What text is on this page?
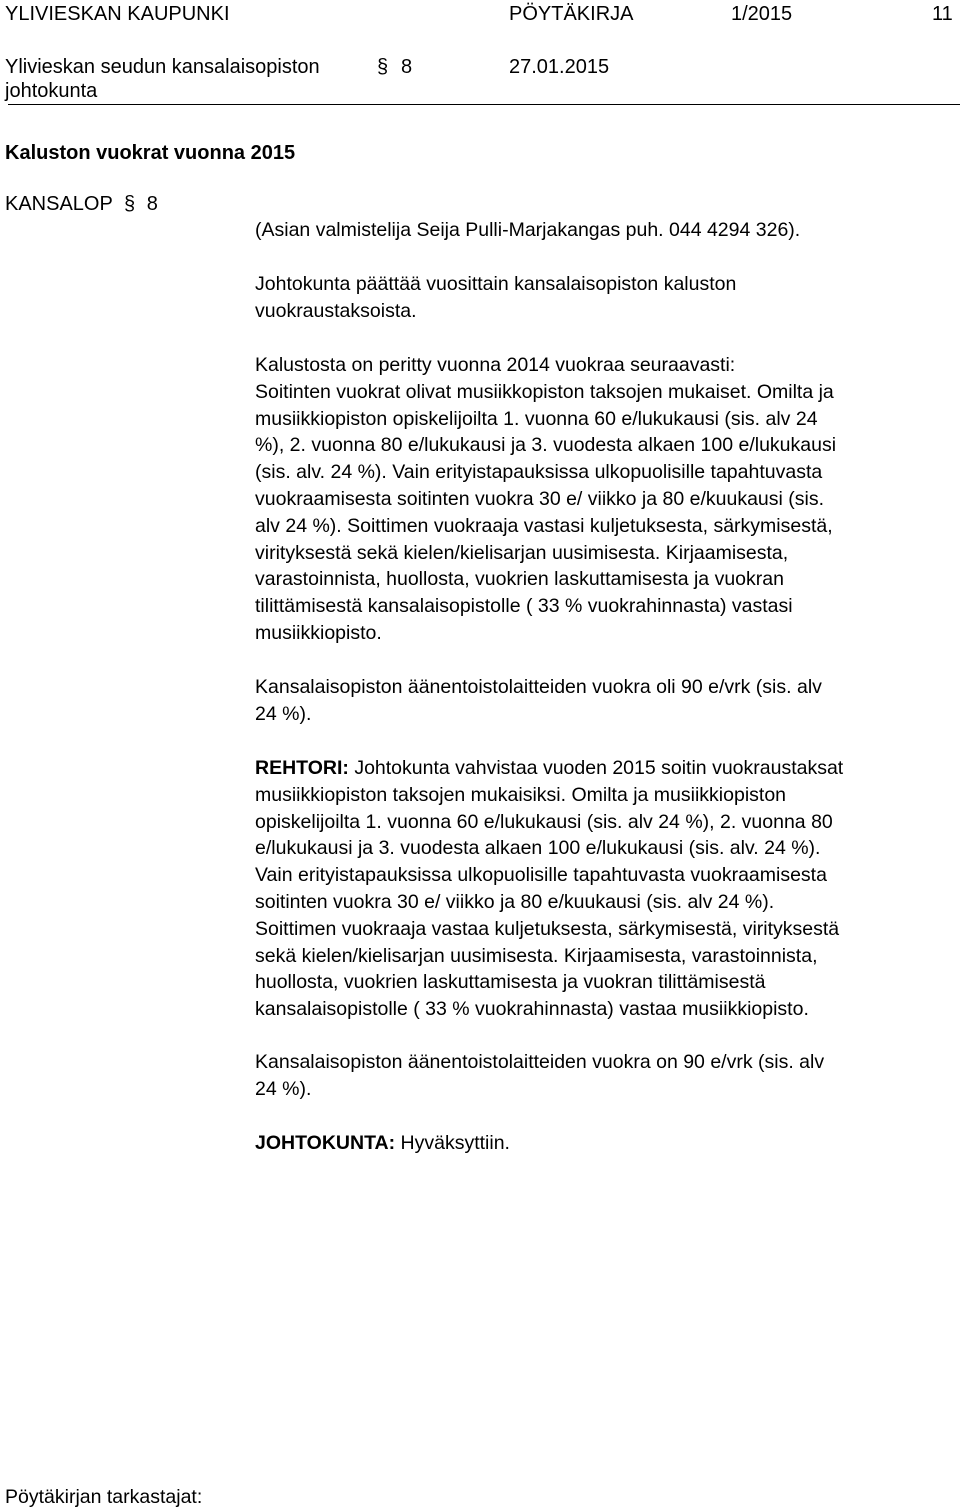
YLIVIESKAN KAUPUNKI	PÖYTÄKIRJA	1/2015	11
Ylivieskan seudun kansalaisopiston	§ 8	27.01.2015
johtokunta
Kaluston vuokrat vuonna 2015
KANSALOP § 8
(Asian valmistelija Seija Pulli-Marjakangas puh. 044 4294 326).
Johtokunta päättää vuosittain kansalaisopiston kaluston
vuokraustaksoista.
Kalustosta on peritty vuonna 2014 vuokraa seuraavasti:
Soitinten vuokrat olivat musiikkopiston taksojen mukaiset. Omilta ja
musiikkiopiston opiskelijoilta 1. vuonna 60 e/lukukausi (sis. alv 24
%), 2. vuonna 80 e/lukukausi ja 3. vuodesta alkaen 100 e/lukukausi
(sis. alv. 24 %). Vain erityistapauksissa ulkopuolisille tapahtuvasta
vuokraamisesta soitinten vuokra 30 e/ viikko ja 80 e/kuukausi (sis.
alv 24 %). Soittimen vuokraaja vastasi kuljetuksesta, särkymisestä,
virityksestä sekä kielen/kielisarjan uusimisesta. Kirjaamisesta,
varastoinnista, huollosta, vuokrien laskuttamisesta ja vuokran
tilittämisestä kansalaisopistolle ( 33 % vuokrahinnasta) vastasi
musiikkiopisto.
Kansalaisopiston äänentoistolaitteiden vuokra oli 90 e/vrk (sis. alv
24 %).
REHTORI: Johtokunta vahvistaa vuoden 2015 soitin vuokraustaksat
musiikkiopiston taksojen mukaisiksi. Omilta ja musiikkiopiston
opiskelijoilta 1. vuonna 60 e/lukukausi (sis. alv 24 %), 2. vuonna 80
e/lukukausi ja 3. vuodesta alkaen 100 e/lukukausi (sis. alv. 24 %).
Vain erityistapauksissa ulkopuolisille tapahtuvasta vuokraamisesta
soitinten vuokra 30 e/ viikko ja 80 e/kuukausi (sis. alv 24 %).
Soittimen vuokraaja vastaa kuljetuksesta, särkymisestä, virityksestä
sekä kielen/kielisarjan uusimisesta. Kirjaamisesta, varastoinnista,
huollosta, vuokrien laskuttamisesta ja vuokran tilittämisestä
kansalaisopistolle ( 33 % vuokrahinnasta) vastaa musiikkiopisto.
Kansalaisopiston äänentoistolaitteiden vuokra on 90 e/vrk (sis. alv
24 %).
JOHTOKUNTA: Hyväksyttiin.
Pöytäkirjan tarkastajat:
